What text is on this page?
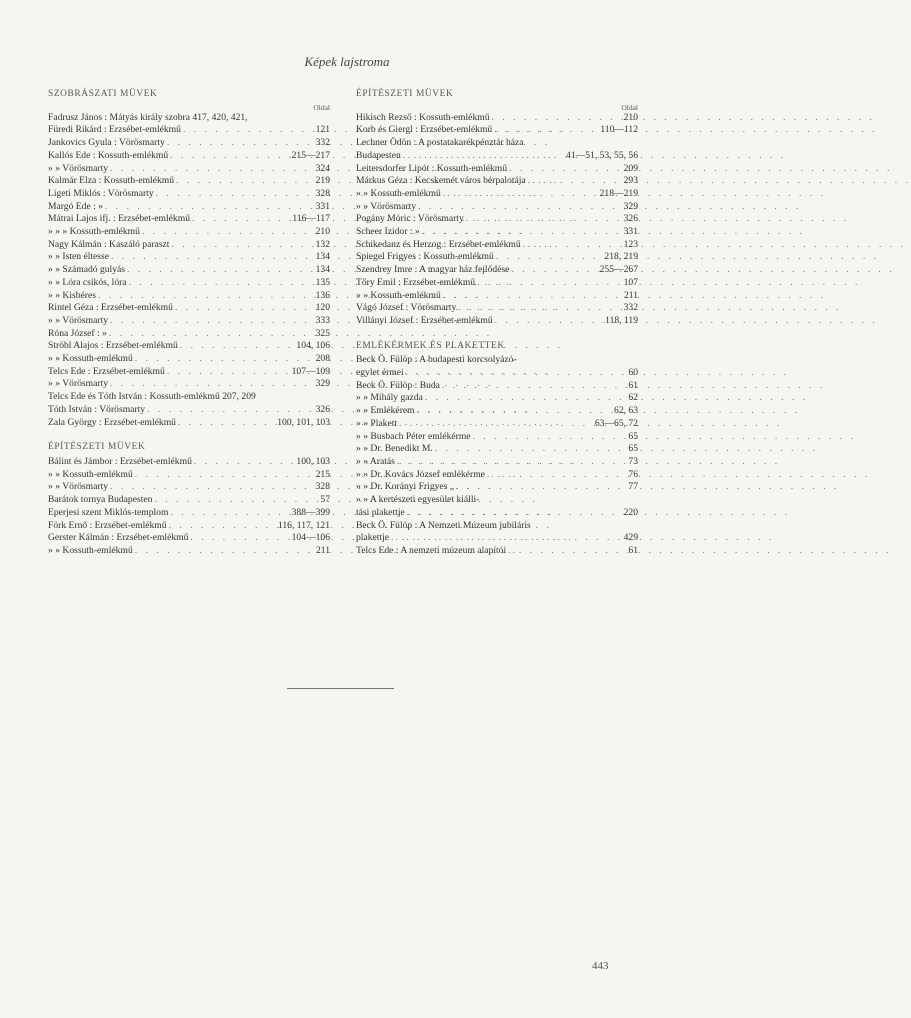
Képek lajstroma
SZOBRÁSZATI MÜVEK
Oldal
Fadrusz János : Mátyás király szobra 417, 420, 421,
Füredi Rikárd : Erzsébet-emlékmű . . .	121
Jankovics Gyula : Vörösmarty . . .	332
Kallós Ede : Kossuth-emlékmű . . .	215—217
» » Vörösmarty . . .	324
Kalmár Elza : Kossuth-emlékmű . . .	219
Ligeti Miklós : Vörösmarty . . .	328
Margó Ede : » . . .	331
Mátrai Lajos ifj. : Erzsébet-emlékmű . . .	116—117
» » » Kossuth-emlékmű . . .	210
Nagy Kálmán : Kaszáló paraszt . . .	132
» » Isten éltesse . . .	134
» » Számadó gulyás . . .	134
» » Lóra csikós, lóra . . .	135
» » Kisbéres . . .	136
Rintel Géza : Erzsébet-emlékmű . . .	120
» » Vörösmarty . . .	333
Róna József : » . . .	325
Ströbl Alajos : Erzsébet-emlékmű . . .	104, 106
» » Kossuth-emlékmű . . .	208
Telcs Ede : Erzsébet-emlékmű . . .	107—109
» » Vörösmarty . . .	329
Telcs Ede és Tóth István : Kossuth-emlékmű 207, 209
Tóth István : Vörösmarty . . .	326
Zala György : Erzsébet-emlékmű . . .	100, 101, 103
ÉPÍTÉSZETI MÜVEK
Bálint és Jámbor : Erzsébet-emlékmű . . .	100, 103
» » Kossuth-emlékmű . . .	215
» » Vörösmarty . . .	328
Barátok tornya Budapesten . . .	57
Eperjesi szent Miklós-templom . . .	388—399
Förk Ernő : Erzsébet-emlékmű . . .	116, 117, 121
Gerster Kálmán : Erzsébet-emlékmű . . .	104—106
» » Kossuth-emlékmű . . .	211
ÉPÍTÉSZETI MÜVEK
Oldal
Hikisch Rezső : Kossuth-emlékmű . . .	210
Korb és Giergl : Erzsébet-emlékmű . . .	110—112
Lechner Ödön : A postatakarékpénztár háza
Budapesten . . .	41—51, 53, 55, 56
Leitersdorfer Lipót : Kossuth-emlékmű . . .	209
Márkus Géza : Kecskemét város bérpalotája . . .	293
» » Kossuth-emlékmű . . .	218—219
» » Vörösmarty . . .	329
Pogány Móric : Vörösmarty . . .	326
Scheer Izidor : » . . .	331
Schikedanz és Herzog : Erzsébet-emlékmű . . .	123
Spiegel Frigyes : Kossuth-emlékmű . . .	218, 219
Szendrey Imre : A magyar ház fejlődése . . .	255—267
Tőry Emil : Erzsébet-emlékmű . . .	107
» » Kossuth-emlékmű . . .	211
Vágó József : Vörösmarty . . .	332
Villányi József : Erzsébet-emlékmű . . .	118, 119
EMLÉKÉRMEK ÉS PLAKETTEK
Beck Ö. Fülöp : A budapesti korcsolyázó-
egylet érmei . . .	60
Beck Ö. Fülöp : Buda . . .	61
» » Mihály gazda . . .	62
» » Emlékérem . . .	62, 63
» » Plakett . . .	63—65, 72
» » Busbach Péter emlékérme . . .	65
» » Dr. Benedikt M. . . .	65
» » Aratás . . .	73
» » Dr. Kovács József emlékérme . . .	76
» » Dr. Korányi Frigyes „ . . .	77
» » A kertészeti egyesület kiálli-
tási plakettje . . .	220
Beck Ö. Fülöp : A Nemzeti Múzeum jubiláris
plakettje . . .	429
Telcs Ede : A nemzeti múzeum alapítói . . .	61
443
